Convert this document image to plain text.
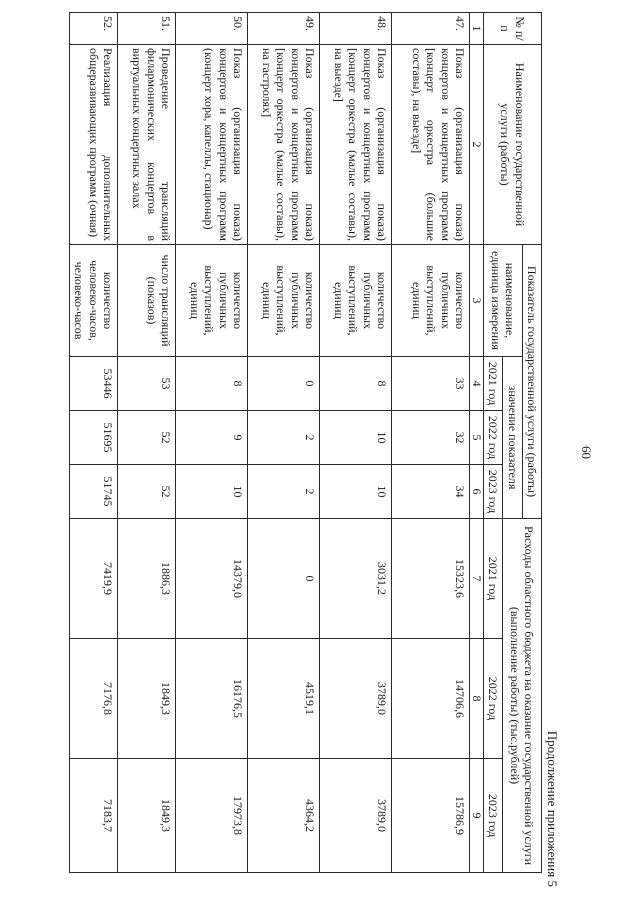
60
Продолжение приложения 5
№ п/п	Наименование государственной услуги (работы)	Показатель государственной услуги (работы)				Расходы областного бюджета на оказание государственной услуги (выполнение работы) (тыс.рублей)		
		наименование, единица измерения	значение показателя					
			2021 год	2022 год	2023 год	2021 год	2022 год	2023 год
1	2	3	4	5	6	7	8	9
47.	Показ (организация показа) концертов и концертных программ [концерт оркестра (большие составы), на выезде]	количество публичных выступлений, единиц	33	32	34	15323,6	14706,6	15786,9
48.	Показ (организация показа) концертов и концертных программ [концерт оркестра (малые составы), на выезде]	количество публичных выступлений, единиц	8	10	10	3031,2	3789,0	3789,0
49.	Показ (организация показа) концертов и концертных программ [концерт оркестра (малые составы), на гастролях]	количество публичных выступлений, единиц	0	2	2	0	4519,1	4364,2
50.	Показ (организация показа) концертов и концертных программ (концерт хора, капеллы, стационар)	количество публичных выступлений, единиц	8	9	10	14379,0	16176,5	17973,8
51.	Проведение трансляций филармонических концертов в виртуальных концертных залах	число трансляций (показов)	53	52	52	1886,3	1849,3	1849,3
52.	Реализация дополнительных общеразвивающих программ (очная)	количество человеко-часов, человеко-часов	53446	51695	51745	7419,9	7176,8	7183,7
